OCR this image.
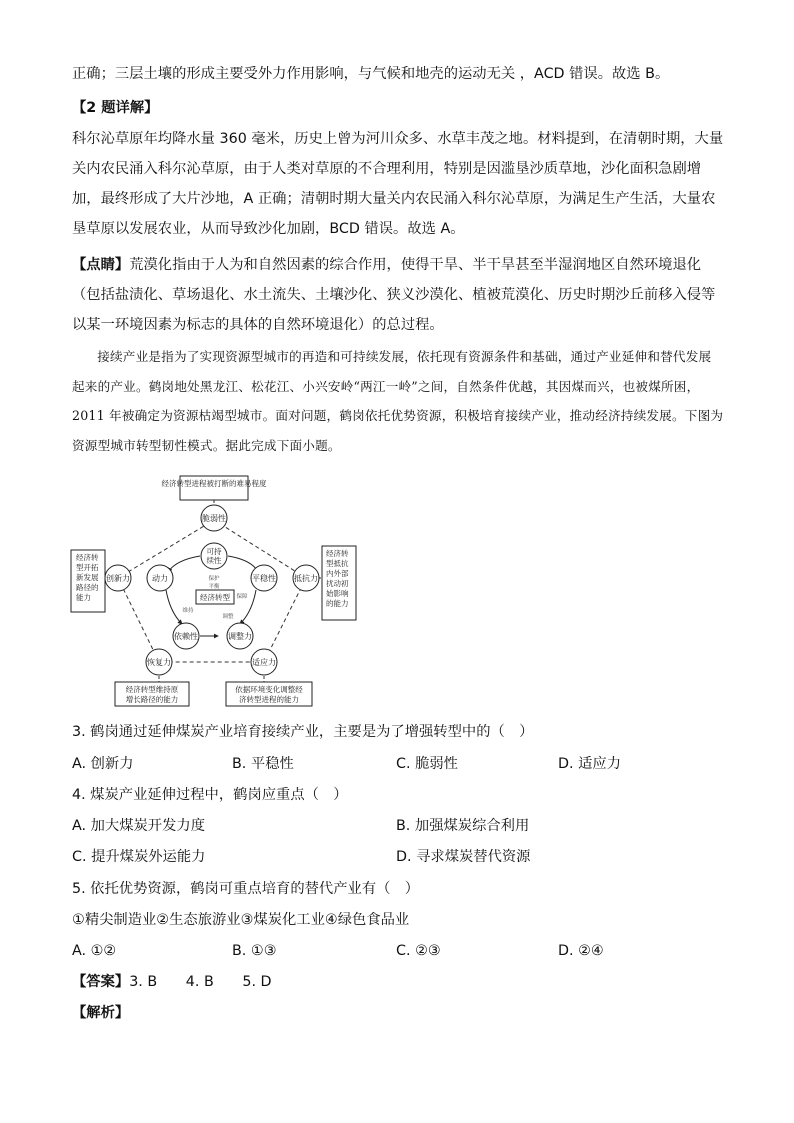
正确；三层土壤的形成主要受外力作用影响，与气候和地壳的运动无关 ，ACD 错误。故选 B。
【2 题详解】
科尔沁草原年均降水量 360 毫米，历史上曾为河川众多、水草丰茂之地。材料提到，在清朝时期，大量关内农民涌入科尔沁草原，由于人类对草原的不合理利用，特别是因滥垦沙质草地，沙化面积急剧增加，最终形成了大片沙地，A 正确；清朝时期大量关内农民涌入科尔沁草原，为满足生产生活，大量农垦草原以发展农业，从而导致沙化加剧，BCD 错误。故选 A。
【点睛】荒漠化指由于人为和自然因素的综合作用，使得干旱、半干旱甚至半湿润地区自然环境退化（包括盐渍化、草场退化、水土流失、土壤沙化、狭义沙漠化、植被荒漠化、历史时期沙丘前移入侵等以某一环境因素为标志的具体的自然环境退化）的总过程。
接续产业是指为了实现资源型城市的再造和可持续发展，依托现有资源条件和基础，通过产业延伸和替代发展起来的产业。鹤岗地处黑龙江、松花江、小兴安岭“两江一岭”之间，自然条件优越，其因煤而兴，也被煤所困，2011 年被确定为资源枯竭型城市。面对问题，鹤岗依托优势资源，积极培育接续产业，推动经济持续发展。下图为资源型城市转型韧性模式。据此完成下面小题。
经济转型进程被打断的难易程度
经济转型开拓新发展路径的能力
经济转型抵抗内外部扰动初始影响的能力
经济转型维持原增长路径的能力
依据环境变化调整经济转型进程的能力
脆弱性
创新力	抵抗力
恢复力	适应力
可持续性
动力	平稳性
依赖性	调整力
经济转型
保护
平衡
保障
调整
维持
3. 鹤岗通过延伸煤炭产业培育接续产业，主要是为了增强转型中的（　）
A. 创新力	B. 平稳性	C. 脆弱性	D. 适应力
4. 煤炭产业延伸过程中，鹤岗应重点（　）
A. 加大煤炭开发力度	B. 加强煤炭综合利用
C. 提升煤炭外运能力	D. 寻求煤炭替代资源
5. 依托优势资源，鹤岗可重点培育的替代产业有（　）
①精尖制造业②生态旅游业③煤炭化工业④绿色食品业
A. ①②	B. ①③	C. ②③	D. ②④
【答案】3. B　　4. B　　5. D
【解析】
